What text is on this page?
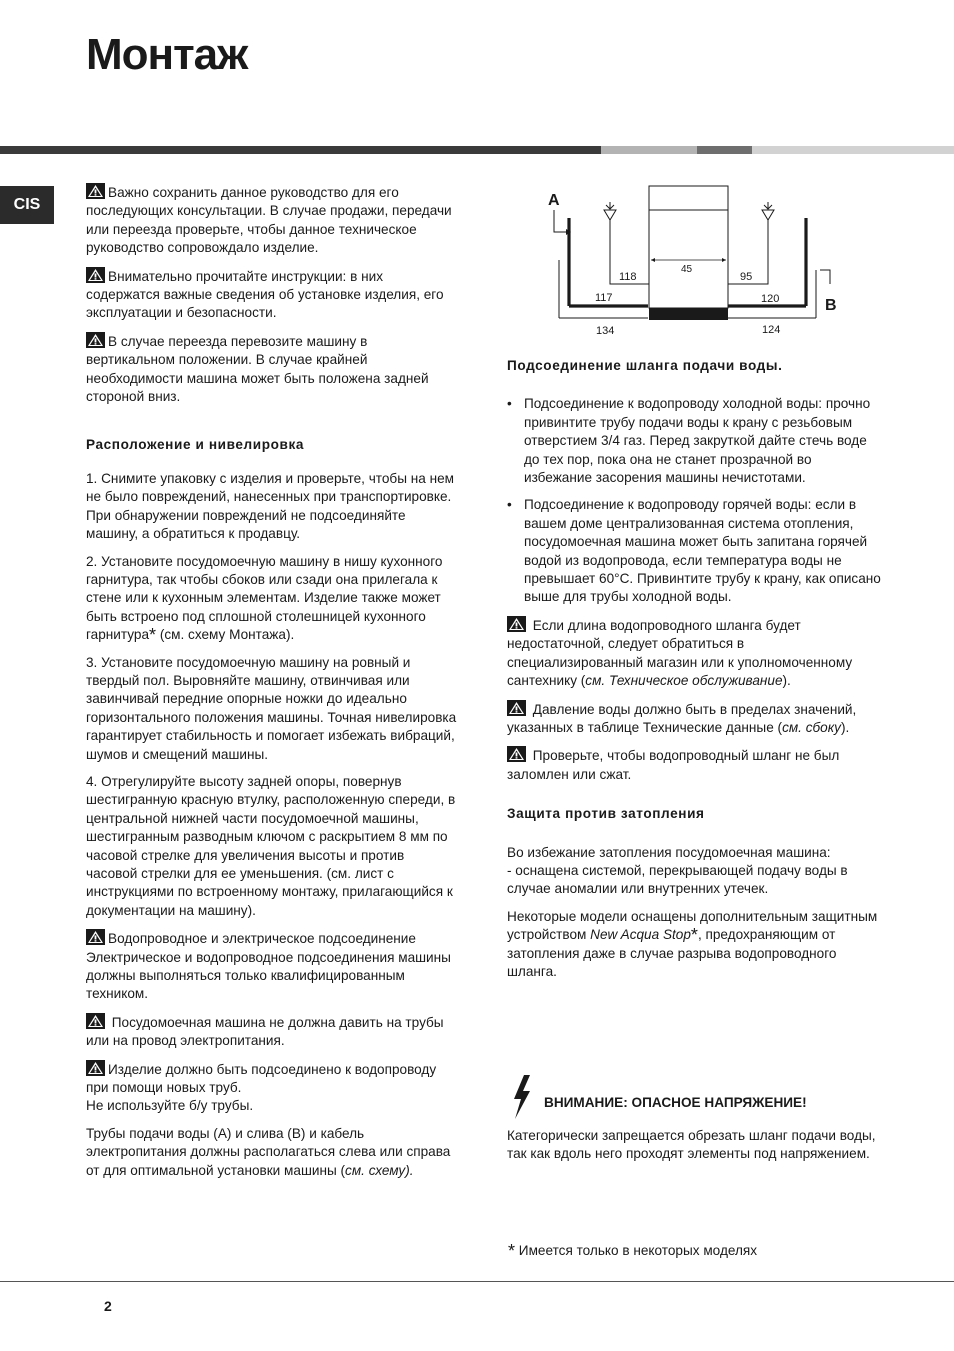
Монтаж
CIS

Важно сохранить данное руководство для его последующих консультации. В случае продажи, передачи или переезда проверьте, чтобы данное техническое руководство сопровождало изделие.

Внимательно прочитайте инструкции: в них содержатся важные сведения об установке изделия, его эксплуатации и безопасности.

В случае переезда перевозите машину в вертикальном положении. В случае крайней необходимости машина может быть положена задней стороной вниз.

Расположение и нивелировка

1. Снимите упаковку с изделия и проверьте, чтобы на нем не было повреждений, нанесенных при транспортировке.
При обнаружении повреждений не подсоединяйте машину, а обратиться к продавцу.

2. Установите посудомоечную машину в нишу кухонного гарнитура, так чтобы сбоков или сзади она прилегала к стене или к кухонным элементам. Изделие также может быть встроено под сплошной столешницей кухонного гарнитура* (см. схему Монтажа).

3. Установите посудомоечную машину на ровный и твердый пол. Выровняйте машину, отвинчивая или завинчивай передние опорные ножки до идеально горизонтального положения машины. Точная нивелировка гарантирует стабильность и помогает избежать вибраций, шумов и смещений машины.

4. Отрегулируйте высоту задней опоры, повернув шестигранную красную втулку, расположенную спереди, в центральной нижней части посудомоечной машины, шестигранным разводным ключом с раскрытием 8 мм по часовой стрелке для увеличения высоты и против часовой стрелки для ее уменьшения. (см. лист с инструкциями по встроенному монтажу, прилагающийся к документации на машину).

Водопроводное и электрическое подсоединение Электрическое и водопроводное подсоединения машины должны выполняться только квалифицированным техником.

Посудомоечная машина не должна давить на трубы или на провод электропитания.

Изделие должно быть подсоединено к водопроводу при помощи новых труб.
Не используйте б/у трубы.

Трубы подачи воды (A) и слива (B) и кабель электропитания должны располагаться слева или справа от для оптимальной установки машины (см. схему).

A
B
118
45
95
117	120
134	124
Подсоединение шланга подачи воды.
• Подсоединение к водопроводу холодной воды: прочно привинтите трубу подачи воды к крану с резьбовым отверстием 3/4 газ. Перед закруткой дайте стечь воде до тех пор, пока она не станет прозрачной во избежание засорения машины нечистотами.
• Подсоединение к водопроводу горячей воды: если в вашем доме централизованная система отопления, посудомоечная машина может быть запитана горячей водой из водопровода, если температура воды не превышает 60°C. Привинтите трубу к крану, как описано выше для трубы холодной воды.

Если длина водопроводного шланга будет недостаточной, следует обратиться в специализированный магазин или к уполномоченному сантехнику (см. Техническое обслуживание).

Давление воды должно быть в пределах значений, указанных в таблице Технические данные (см. сбоку).

Проверьте, чтобы водопроводный шланг не был заломлен или сжат.

Защита против затопления

Во избежание затопления посудомоечная машина:
- оснащена системой, перекрывающей подачу воды в случае аномалии или внутренних утечек.

Некоторые модели оснащены дополнительным защитным устройством New Acqua Stop*, предохраняющим от затопления даже в случае разрыва водопроводного шланга.

ВНИМАНИЕ: ОПАСНОЕ НАПРЯЖЕНИЕ!

Категорически запрещается обрезать шланг подачи воды, так как вдоль него проходят элементы под напряжением.

* Имеется только в некоторых моделях
2
